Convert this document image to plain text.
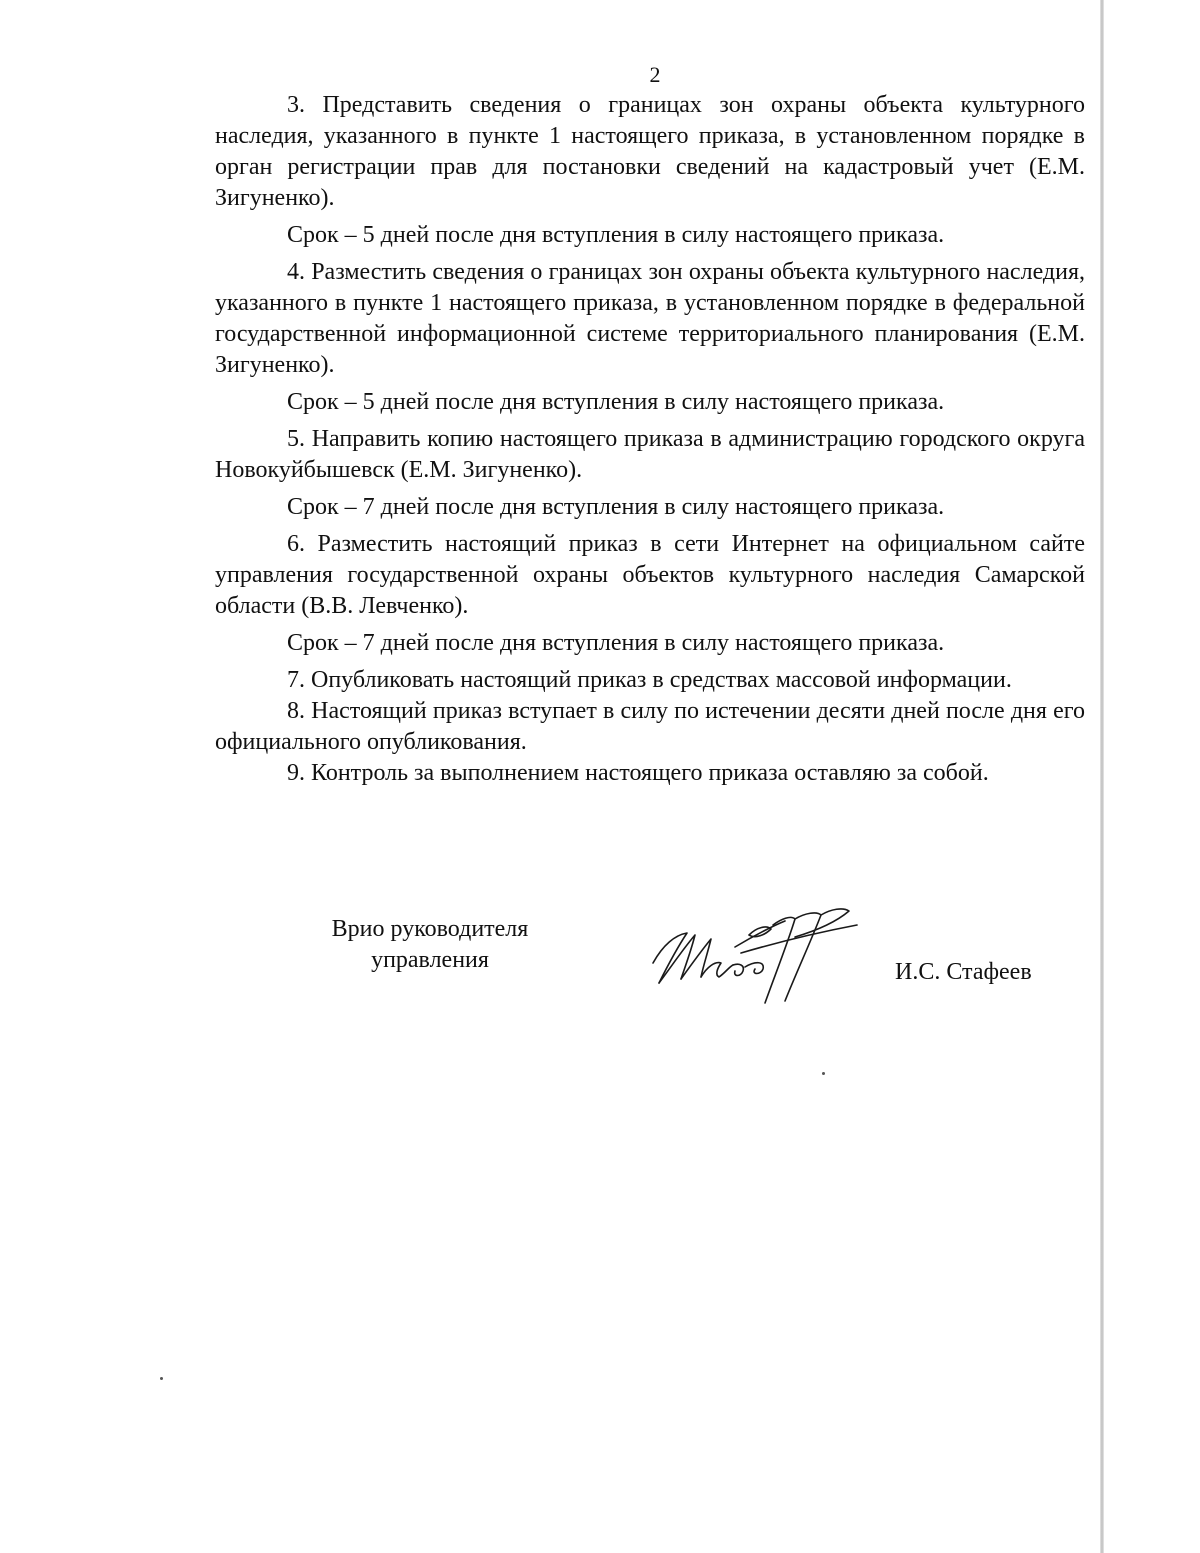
2

3. Представить сведения о границах зон охраны объекта культурного наследия, указанного в пункте 1 настоящего приказа, в установленном порядке в орган регистрации прав для постановки сведений на кадастровый учет (Е.М. Зигуненко).

Срок – 5 дней после дня вступления в силу настоящего приказа.

4. Разместить сведения о границах зон охраны объекта культурного наследия, указанного в пункте 1 настоящего приказа, в установленном порядке в федеральной государственной информационной системе территориального планирования (Е.М. Зигуненко).

Срок – 5 дней после дня вступления в силу настоящего приказа.

5. Направить копию настоящего приказа в администрацию городского округа Новокуйбышевск (Е.М. Зигуненко).

Срок – 7 дней после дня вступления в силу настоящего приказа.

6. Разместить настоящий приказ в сети Интернет на официальном сайте управления государственной охраны объектов культурного наследия Самарской области (В.В. Левченко).

Срок – 7 дней после дня вступления в силу настоящего приказа.

7. Опубликовать настоящий приказ в средствах массовой информации.

8. Настоящий приказ вступает в силу по истечении десяти дней после дня его официального опубликования.

9. Контроль за выполнением настоящего приказа оставляю за собой.

Врио руководителя
управления	И.С. Стафеев
